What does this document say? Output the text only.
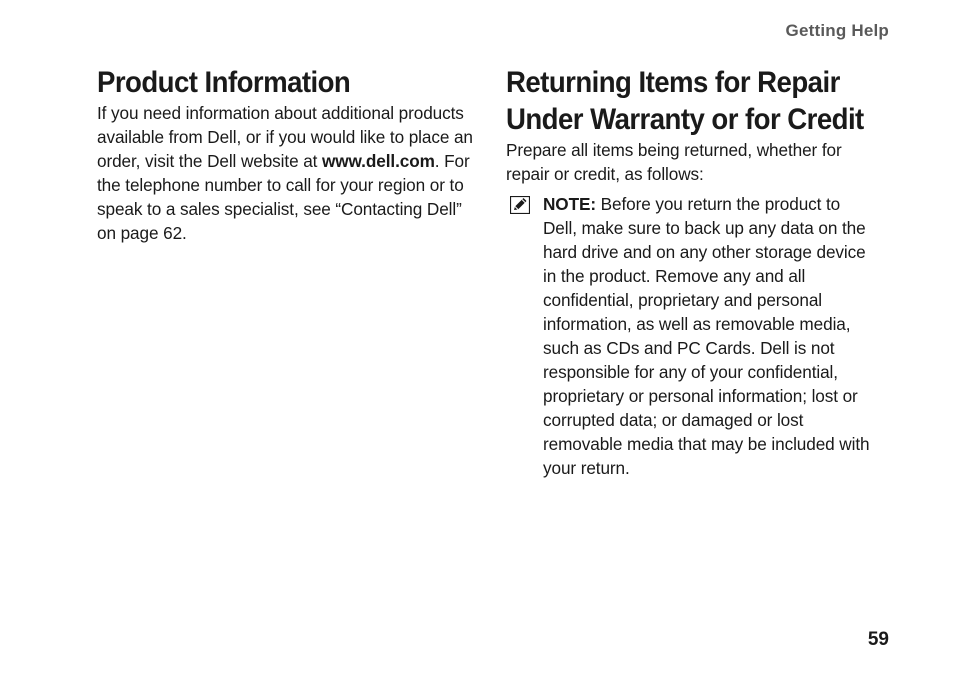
Getting Help
Product Information

If you need information about additional products available from Dell, or if you would like to place an order, visit the Dell website at www.dell.com. For the telephone number to call for your region or to speak to a sales specialist, see “Contacting Dell” on page 62.

Returning Items for Repair Under Warranty or for Credit

Prepare all items being returned, whether for repair or credit, as follows:

NOTE: Before you return the product to Dell, make sure to back up any data on the hard drive and on any other storage device in the product. Remove any and all confidential, proprietary and personal information, as well as removable media, such as CDs and PC Cards. Dell is not responsible for any of your confidential, proprietary or personal information; lost or corrupted data; or damaged or lost removable media that may be included with your return.
59
